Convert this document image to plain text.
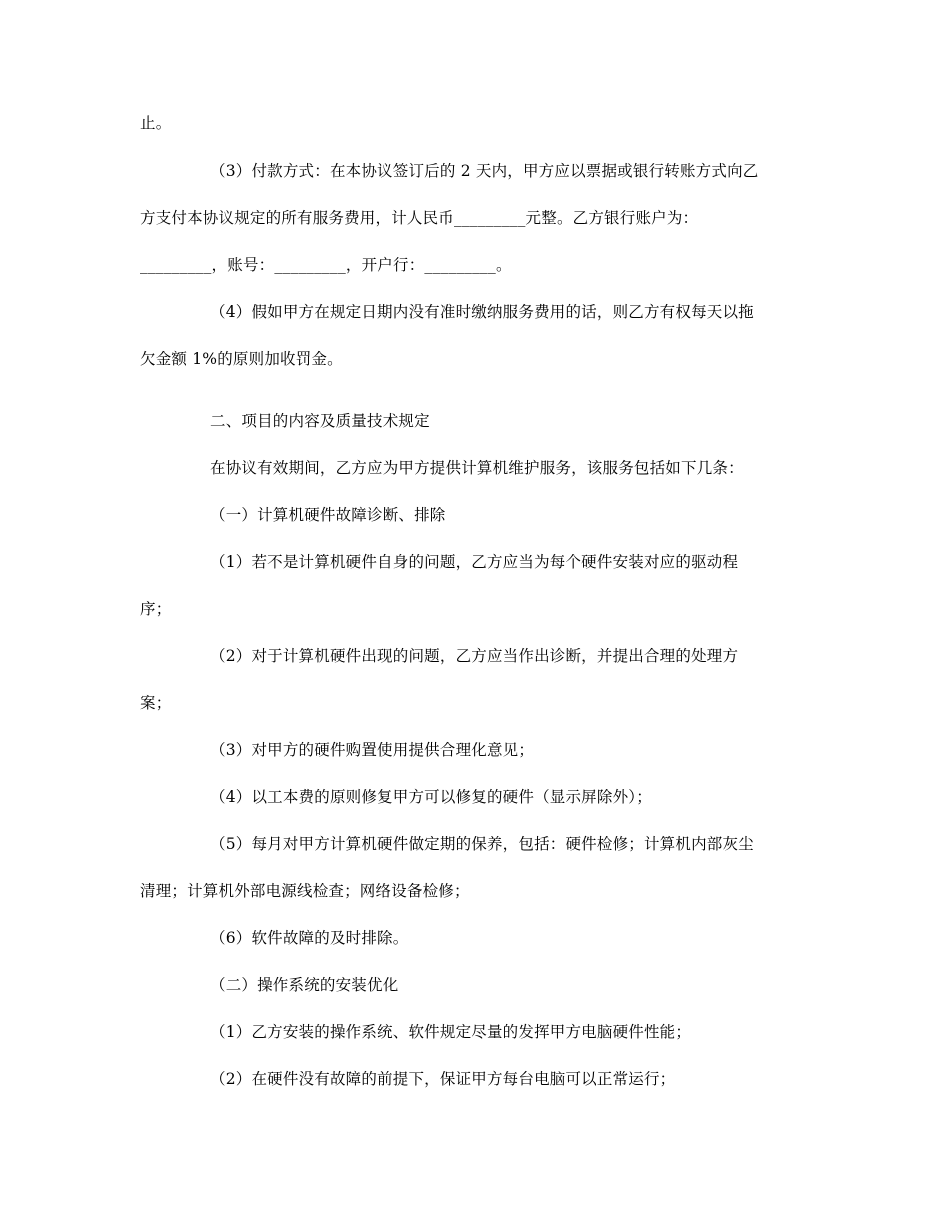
止。
（3）付款方式：在本协议签订后的 2 天内，甲方应以票据或银行转账方式向乙
方支付本协议规定的所有服务费用，计人民币_________元整。乙方银行账户为：
_________，账号：_________，开户行：_________。
（4）假如甲方在规定日期内没有准时缴纳服务费用的话，则乙方有权每天以拖
欠金额 1%的原则加收罚金。
二、项目的内容及质量技术规定
在协议有效期间，乙方应为甲方提供计算机维护服务，该服务包括如下几条：
（一）计算机硬件故障诊断、排除
（1）若不是计算机硬件自身的问题，乙方应当为每个硬件安装对应的驱动程
序；
（2）对于计算机硬件出现的问题，乙方应当作出诊断，并提出合理的处理方
案；
（3）对甲方的硬件购置使用提供合理化意见；
（4）以工本费的原则修复甲方可以修复的硬件（显示屏除外）；
（5）每月对甲方计算机硬件做定期的保养，包括：硬件检修；计算机内部灰尘
清理；计算机外部电源线检查；网络设备检修；
（6）软件故障的及时排除。
（二）操作系统的安装优化
（1）乙方安装的操作系统、软件规定尽量的发挥甲方电脑硬件性能；
（2）在硬件没有故障的前提下，保证甲方每台电脑可以正常运行；
